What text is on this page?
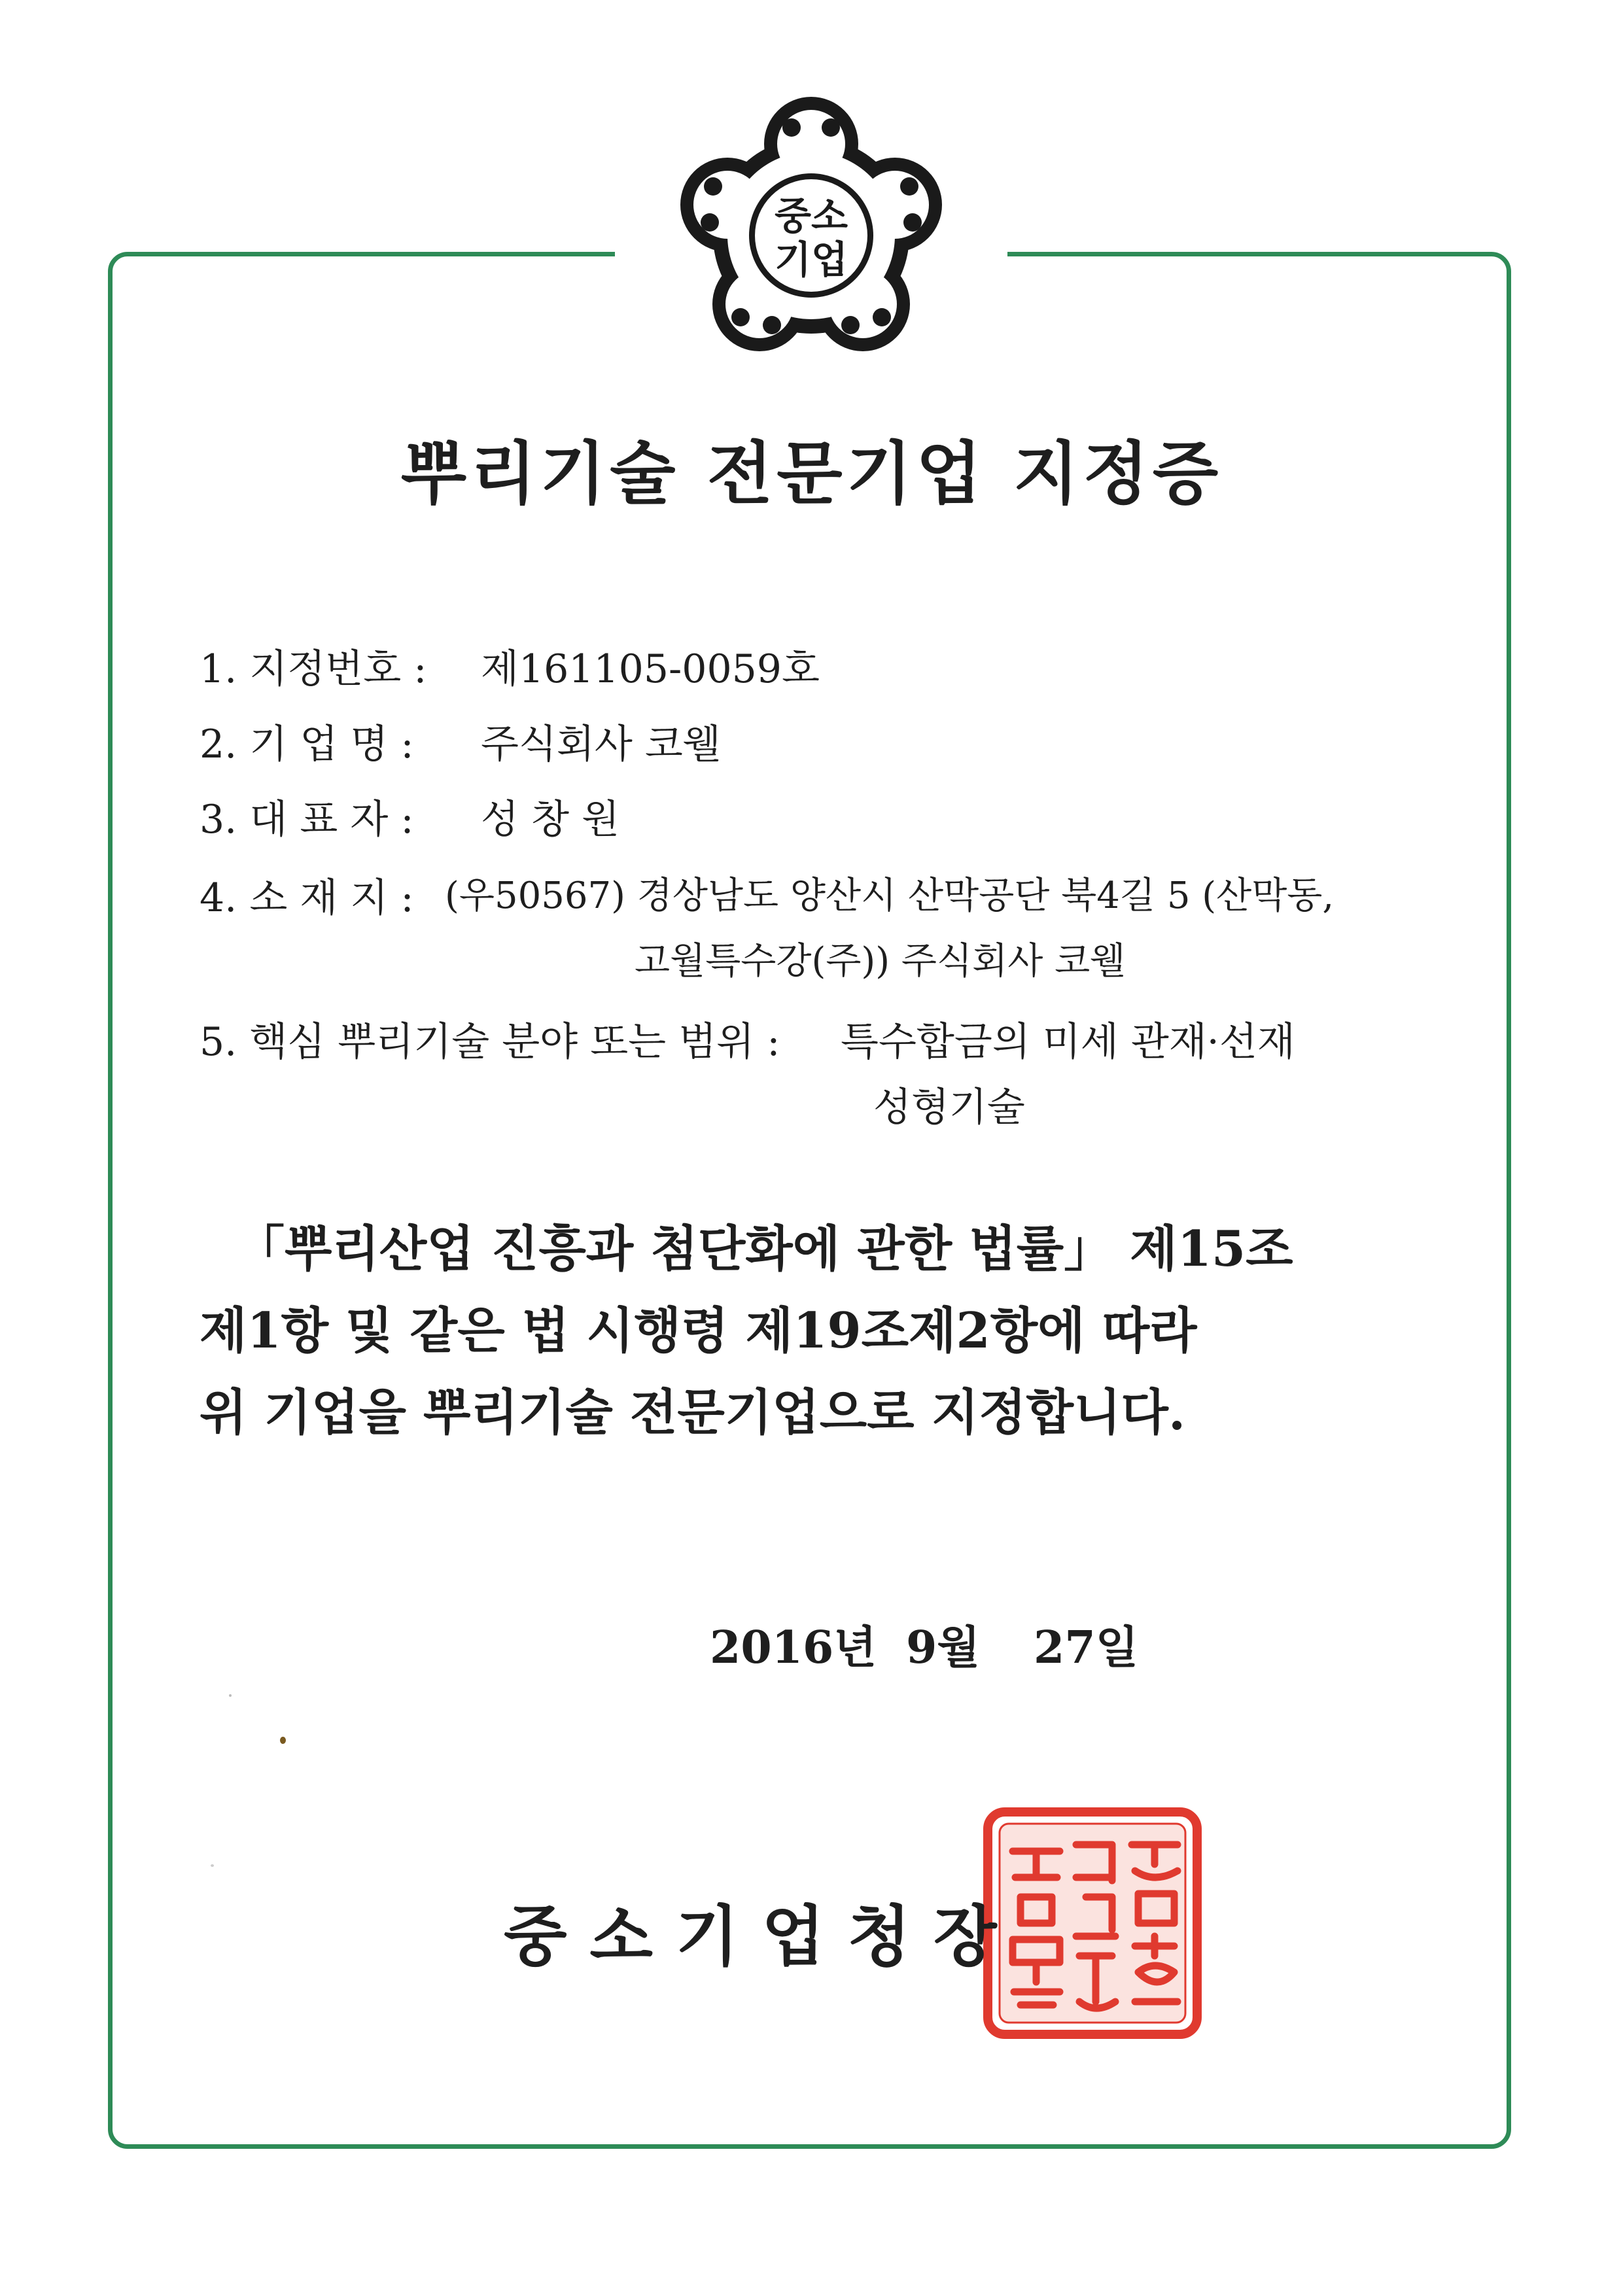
중소
기업
뿌리기술 전문기업 지정증
1. 지정번호 : 제161105-0059호
2. 기 업 명 : 주식회사 코웰
3. 대 표 자 : 성 창 원
4. 소 재 지 : (우50567) 경상남도 양산시 산막공단 북4길 5 (산막동,
고월특수강(주)) 주식회사 코웰
5. 핵심 뿌리기술 분야 또는 범위 : 특수합금의 미세 관재·선재
성형기술
「뿌리산업 진흥과 첨단화에 관한 법률」 제15조
제1항 및 같은 법 시행령 제19조제2항에 따라
위 기업을 뿌리기술 전문기업으로 지정합니다.
2016년 9월 27일
중 소 기 업 청 장
